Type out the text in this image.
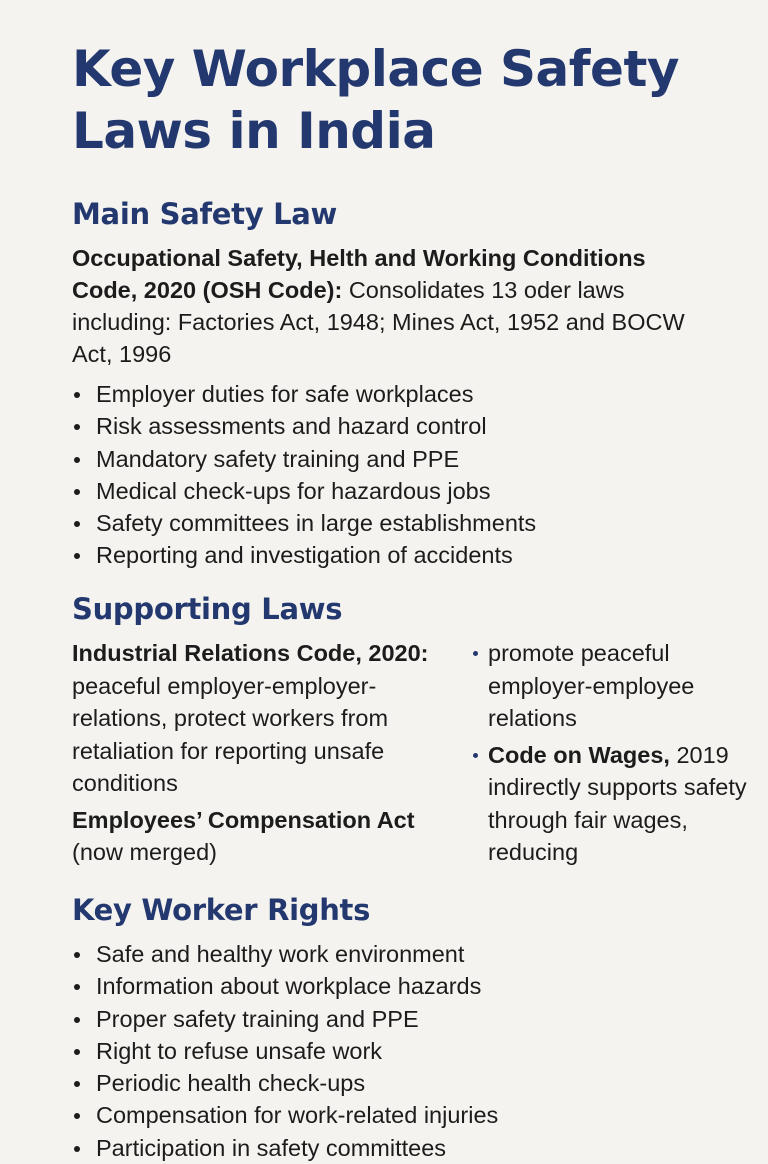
Key Workplace Safety
Laws in India
Main Safety Law

Occupational Safety, Helth and Working Conditions Code, 2020 (OSH Code): Consolidates 13 oder laws including: Factories Act, 1948; Mines Act, 1952 and BOCW Act, 1996

Employer duties for safe workplaces
Risk assessments and hazard control
Mandatory safety training and PPE
Medical check-ups for hazardous jobs
Safety committees in large establishments
Reporting and investigation of accidents
Supporting Laws

Industrial Relations Code, 2020:
peaceful employer-employer-relations, protect workers from retaliation for reporting unsafe conditions

Employees’ Compensation Act
(now merged)

promote peaceful employer-employee relations

Code on Wages, 2019 indirectly supports safety through fair wages, reducing

Key Worker Rights
Safe and healthy work environment
Information about workplace hazards
Proper safety training and PPE
Right to refuse unsafe work
Periodic health check-ups
Compensation for work-related injuries
Participation in safety committees
